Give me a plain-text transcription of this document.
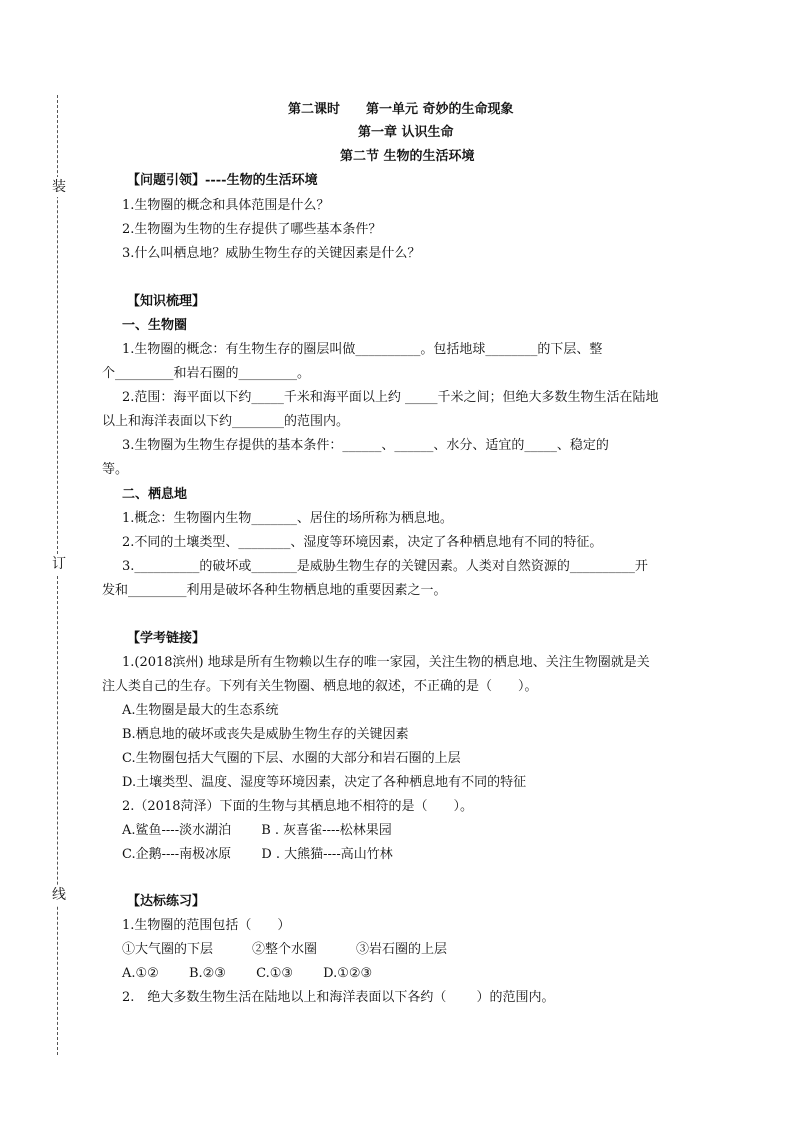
装
订
线
第二课时　　第一单元 奇妙的生命现象
第一章 认识生命
第二节 生物的生活环境
【问题引领】----生物的生活环境
1.生物圈的概念和具体范围是什么？
2.生物圈为生物的生存提供了哪些基本条件？
3.什么叫栖息地？威胁生物生存的关键因素是什么？
【知识梳理】
一、生物圈
1.生物圈的概念：有生物生存的圈层叫做__________。包括地球________的下层、整
个_________和岩石圈的_________。
2.范围：海平面以下约_____千米和海平面以上约 _____千米之间；但绝大多数生物生活在陆地
以上和海洋表面以下约________的范围内。
3.生物圈为生物生存提供的基本条件：______、______、水分、适宜的_____、稳定的
等。
二、栖息地
1.概念：生物圈内生物_______、居住的场所称为栖息地。
2.不同的土壤类型、________、湿度等环境因素，决定了各种栖息地有不同的特征。
3.__________的破坏或_______是威胁生物生存的关键因素。人类对自然资源的__________开
发和_________利用是破坏各种生物栖息地的重要因素之一。
【学考链接】
1.(2018滨州) 地球是所有生物赖以生存的唯一家园，关注生物的栖息地、关注生物圈就是关
注人类自己的生存。下列有关生物圈、栖息地的叙述，不正确的是（　　）。
A.生物圈是最大的生态系统
B.栖息地的破坏或丧失是威胁生物生存的关键因素
C.生物圈包括大气圈的下层、水圈的大部分和岩石圈的上层
D.土壤类型、温度、湿度等环境因素，决定了各种栖息地有不同的特征
2.（2018菏泽）下面的生物与其栖息地不相符的是（　　）。
A.鲨鱼----淡水湖泊　　 B . 灰喜雀----松林果园
C.企鹅----南极冰原　　 D . 大熊猫----高山竹林
【达标练习】
1.生物圈的范围包括（　　）
①大气圈的下层　　　②整个水圈　　　③岩石圈的上层
A.①②　　 B.②③　　 C.①③　　 D.①②③
2.　绝大多数生物生活在陆地以上和海洋表面以下各约（　　 ）的范围内。
